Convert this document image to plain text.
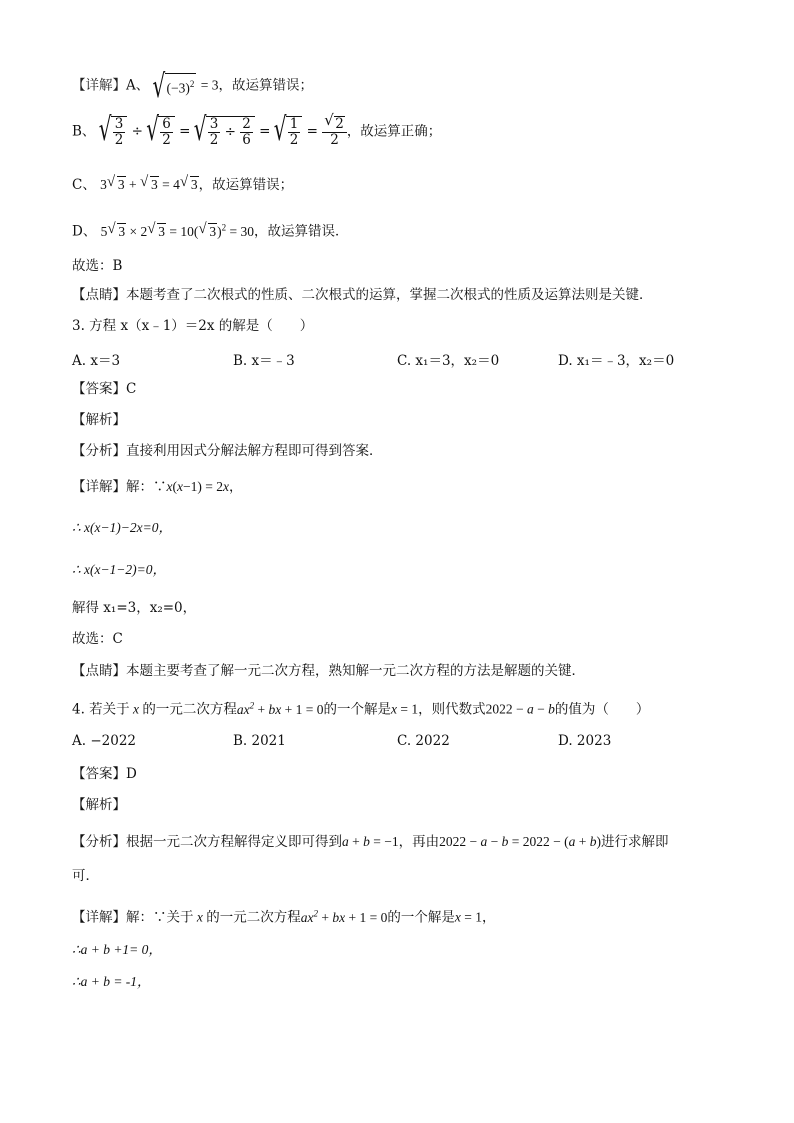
【详解】A、 √ $(-3)^2 = 3$，故运算错误；
B、 √ $\frac{3}{2}$ ÷ √ $\frac{6}{2}$ = √ $\frac{3}{2} \div \frac{2}{6}$ = √ $\frac{1}{2}$ = √ $\frac{2}{2}$ ，故运算正确；
C、 3 √ 3 + √ 3 = 4 √ 3，故运算错误；
D、 5 √ 3 × 2 √ 3 = 10( √ 3)$^2$ = 30，故运算错误．
故选：B
【点睛】本题考查了二次根式的性质、二次根式的运算，掌握二次根式的性质及运算法则是关键．
3. 方程 x（x﹣1）＝2x 的解是（　　）
A. x＝3	B. x＝﹣3	C. x₁＝3，x₂＝0	D. x₁＝﹣3，x₂＝0
【答案】C
【解析】
【分析】直接利用因式分解法解方程即可得到答案．
【详解】解：∵x(x−1) = 2x，
∴ x(x−1)−2x=0，
∴ x(x−1−2)=0，
解得 x₁=3，x₂=0，
故选：C
【点睛】本题主要考查了解一元二次方程，熟知解一元二次方程的方法是解题的关键．
4. 若关于 x 的一元二次方程$ax^2$ + bx + 1 = 0的一个解是x = 1，则代数式2022 − a − b的值为（　　）
A. −2022	B. 2021	C. 2022	D. 2023
【答案】D
【解析】
【分析】根据一元二次方程解得定义即可得到a + b = −1，再由2022 − a − b = 2022 − (a + b)进行求解即
可．
【详解】解：∵关于 x 的一元二次方程$ax^2$ + bx + 1 = 0的一个解是x = 1，
∴a + b +1= 0，
∴a + b = -1，
